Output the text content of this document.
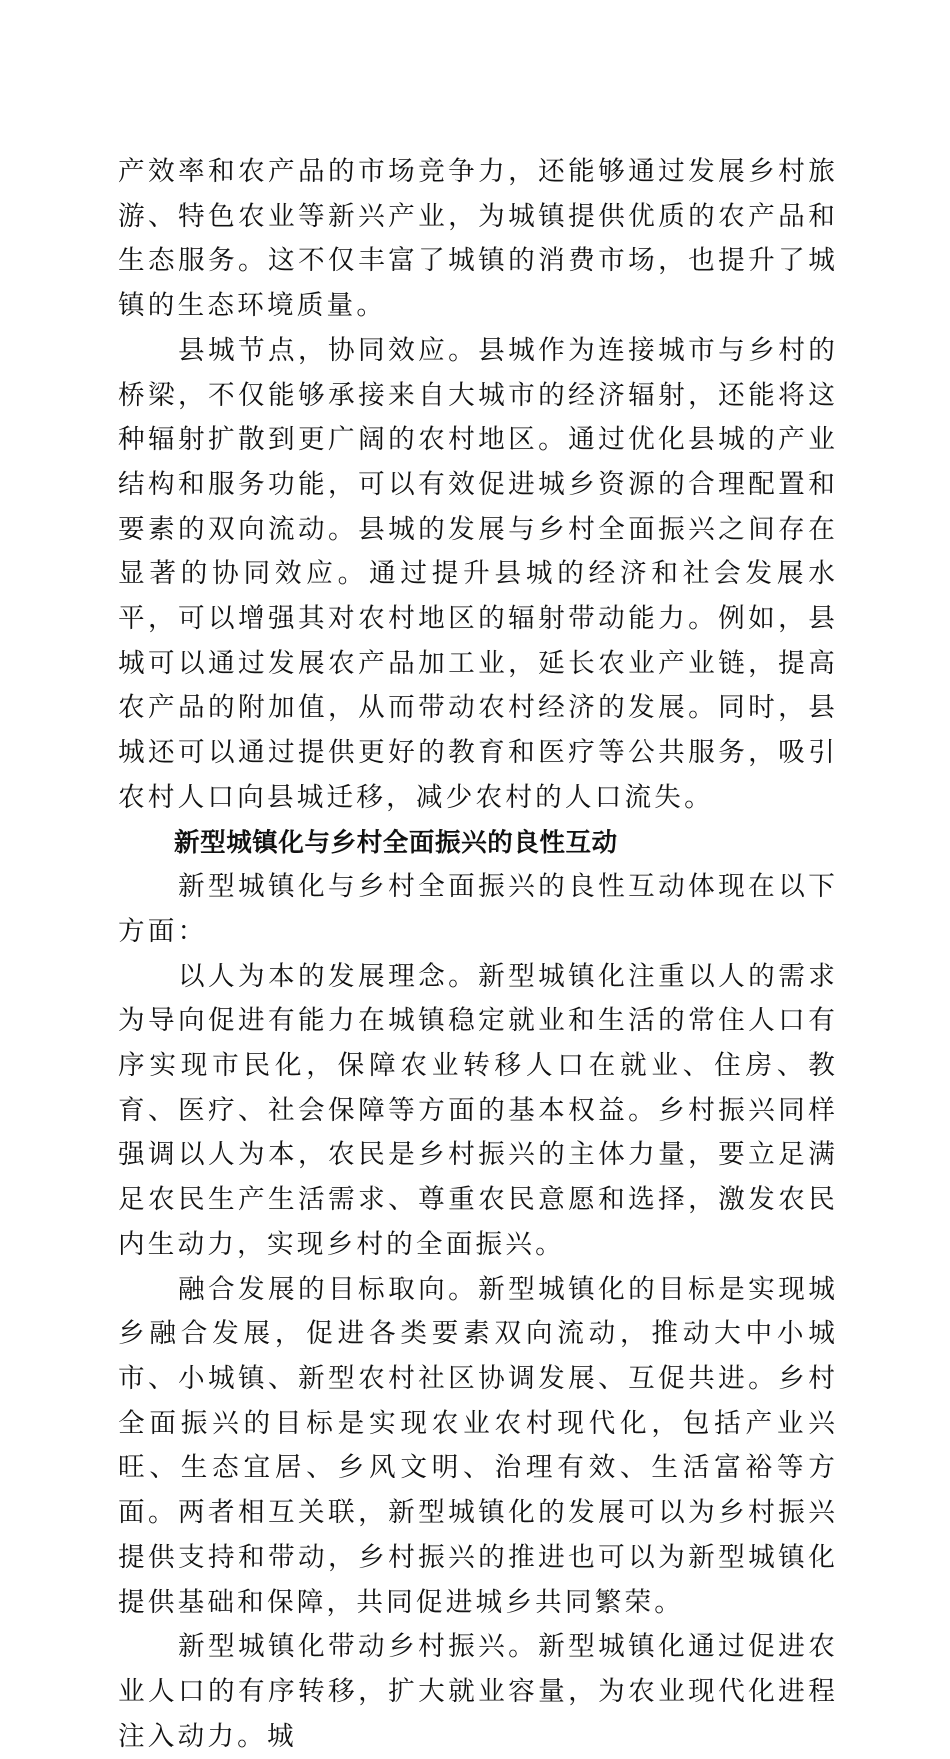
产效率和农产品的市场竞争力，还能够通过发展乡村旅游、特色农业等新兴产业，为城镇提供优质的农产品和生态服务。这不仅丰富了城镇的消费市场，也提升了城镇的生态环境质量。

县城节点，协同效应。县城作为连接城市与乡村的桥梁，不仅能够承接来自大城市的经济辐射，还能将这种辐射扩散到更广阔的农村地区。通过优化县城的产业结构和服务功能，可以有效促进城乡资源的合理配置和要素的双向流动。县城的发展与乡村全面振兴之间存在显著的协同效应。通过提升县城的经济和社会发展水平，可以增强其对农村地区的辐射带动能力。例如，县城可以通过发展农产品加工业，延长农业产业链，提高农产品的附加值，从而带动农村经济的发展。同时，县城还可以通过提供更好的教育和医疗等公共服务，吸引农村人口向县城迁移，减少农村的人口流失。

新型城镇化与乡村全面振兴的良性互动

新型城镇化与乡村全面振兴的良性互动体现在以下方面：

以人为本的发展理念。新型城镇化注重以人的需求为导向促进有能力在城镇稳定就业和生活的常住人口有序实现市民化，保障农业转移人口在就业、住房、教育、医疗、社会保障等方面的基本权益。乡村振兴同样强调以人为本，农民是乡村振兴的主体力量，要立足满足农民生产生活需求、尊重农民意愿和选择，激发农民内生动力，实现乡村的全面振兴。

融合发展的目标取向。新型城镇化的目标是实现城乡融合发展，促进各类要素双向流动，推动大中小城市、小城镇、新型农村社区协调发展、互促共进。乡村全面振兴的目标是实现农业农村现代化，包括产业兴旺、生态宜居、乡风文明、治理有效、生活富裕等方面。两者相互关联，新型城镇化的发展可以为乡村振兴提供支持和带动，乡村振兴的推进也可以为新型城镇化提供基础和保障，共同促进城乡共同繁荣。

新型城镇化带动乡村振兴。新型城镇化通过促进农业人口的有序转移，扩大就业容量，为农业现代化进程注入动力。城
